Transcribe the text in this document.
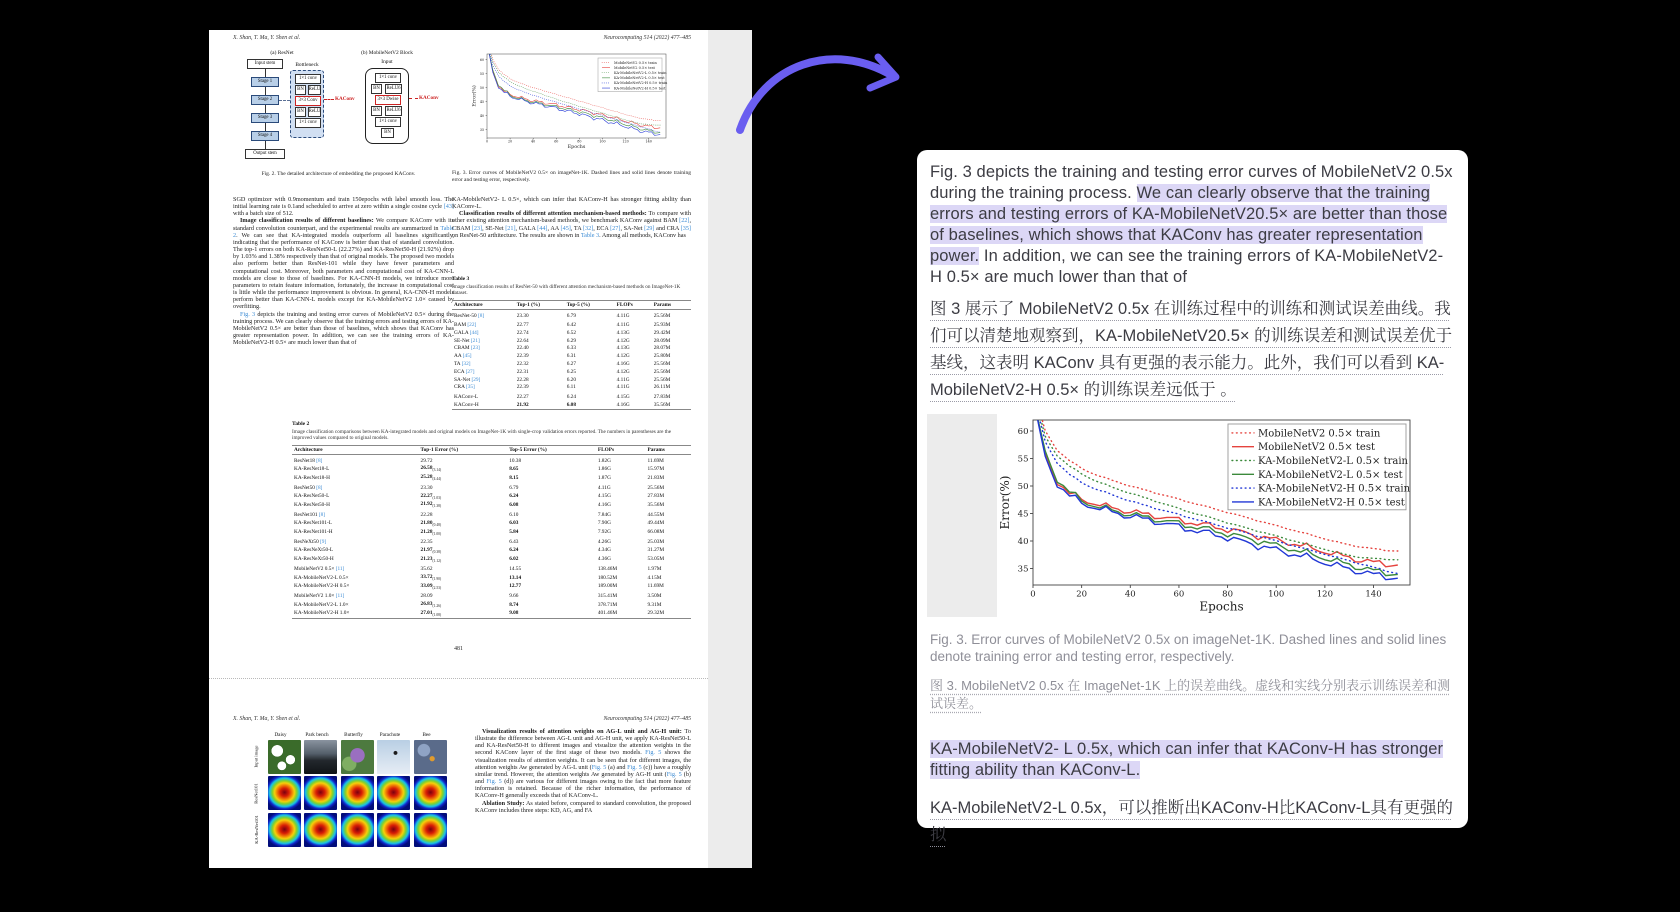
X. Shan, T. Ma, Y. Shen et al.	Neurocomputing 514 (2022) 477–485
(a) ResNet
Input stem
Stage 1
Stage 2
Stage 3
Stage 4
Output stem
Bottleneck
1×1 conv
BN	ReLU
3×3 Conv
BN	ReLU
1×1 conv
KAConv
(b) MobileNetV2 Block
Input
1×1 conv
BN	ReLU6
3×3 Dwise
BN	ReLU6
1×1 conv
BN
KAConv
Fig. 2. The detailed architecture of embedding the proposed KAConv.
0	20	40	60	80	100	120	140
35
40
45
50
55
60
Epochs
Error(%)
MobileNetV2 0.5× train
MobileNetV2 0.5× test
KA-MobileNetV2-L 0.5× train
KA-MobileNetV2-L 0.5× test
KA-MobileNetV2-H 0.5× train
KA-MobileNetV2-H 0.5× test
Fig. 3. Error curves of MobileNetV2 0.5× on imageNet-1K. Dashed lines and solid lines denote training error and testing error, respectively.

SGD optimizer with 0.9momentum and train 150epochs with label smooth loss. The initial learning rate is 0.1and scheduled to arrive at zero within a single cosine cycle [43] with a batch size of 512.

Image classification results of different baselines: We compare KAConv with its standard convolution counterpart, and the experimental results are summarized in Table 2. We can see that KA-integrated models outperform all baselines significantly, indicating that the performance of KAConv is better than that of standard convolution. The top-1 errors on both KA-ResNet50-L (22.27%) and KA-ResNet50-H (21.92%) drop by 1.03% and 1.38% respectively than that of original models. The proposed two models also perform better than ResNet-101 while they have fewer parameters and computational cost. Moreover, both parameters and computational cost of KA-CNN-L models are close to those of baselines. For KA-CNN-H models, we introduce more parameters to retain feature information, fortunately, the increase in computational cost is little while the performance improvement is obvious. In general, KA-CNN-H models perform better than KA-CNN-L models except for KA-MobileNetV2 1.0× caused by overfitting.

Fig. 3 depicts the training and testing error curves of MobileNetV2 0.5× during the training process. We can clearly observe that the training errors and testing errors of KA-MobileNetV2 0.5× are better than those of baselines, which shows that KAConv has greater representation power. In addition, we can see the training errors of KA-MobileNetV2-H 0.5× are much lower than that of

KA-MobileNetV2- L 0.5×, which can infer that KAConv-H has stronger fitting ability than KAConv-L.

Classification results of different attention mechanism-based methods: To compare with other existing attention mechanism-based methods, we benchmark KAConv against BAM [22], CBAM [23], SE-Net [21], GALA [44], AA [45], TA [32], ECA [27], SA-Net [29] and CRA [35] on ResNet-50 arthitecture. The results are shown in Table 3. Among all methods, KAConv has

Table 3
Image classification results of ResNet-50 with different attention mechanism-based methods on ImageNet-1K dataset.
Architecture	Top-1 (%)	Top-5 (%)	FLOPs	Params
ResNet-50 [8]	23.30	6.79	4.11G	25.56M
BAM [22]	22.77	6.42	4.11G	25.93M
GALA [44]	22.74	6.52	4.13G	29.42M
SE-Net [21]	22.64	6.29	4.12G	28.09M
CBAM [23]	22.40	6.33	4.13G	28.07M
AA [45]	22.39	6.31	4.12G	25.80M
TA [32]	22.32	6.27	4.16G	25.56M
ECA [27]	22.31	6.25	4.12G	25.56M
SA-Net [29]	22.28	6.20	4.11G	25.56M
CRA [35]	22.39	6.11	4.11G	26.11M
KAConv-L	22.27	6.24	4.15G	27.83M
KAConv-H	21.92	6.08	4.16G	35.56M
Table 2
Image classification comparisons between KA-integrated models and original models on ImageNet-1K with single-crop validation errors reported. The numbers in parentheses are the improved values compared to original models.
Architecture	Top-1 Error (%)	Top-5 Error (%)	FLOPs	Params
ResNet18 [8]	29.72	10.38	1.82G	11.69M
KA-ResNet18-L	$26.58_{(3.14)}$	8.65	1.86G	15.97M
KA-ResNet18-H	$25.28_{(4.44)}$	8.15	1.87G	21.83M
ResNet50 [8]	23.30	6.79	4.11G	25.56M
KA-ResNet50-L	$22.27_{(1.03)}$	6.24	4.15G	27.83M
KA-ResNet50-H	$21.92_{(1.38)}$	6.08	4.16G	35.56M
ResNet101 [8]	22.28	6.10	7.84G	44.55M
KA-ResNet101-L	$21.80_{(0.48)}$	6.03	7.90G	49.44M
KA-ResNet101-H	$21.28_{(1.00)}$	5.84	7.92G	66.08M
ResNeXt50 [9]	22.35	6.43	4.26G	25.03M
KA-ResNeXt50-L	$21.97_{(0.38)}$	6.24	4.34G	31.27M
KA-ResNeXt50-H	$21.23_{(1.12)}$	6.02	4.36G	53.05M
MobileNetV2 0.5× [11]	35.62	14.55	138.46M	1.97M
KA-MobileNetV2-L 0.5×	$33.72_{(1.90)}$	13.14	180.52M	4.15M
KA-MobileNetV2-H 0.5×	$33.09_{(2.53)}$	12.77	189.00M	11.69M
MobileNetV2 1.0× [11]	28.09	9.66	315.41M	3.50M
KA-MobileNetV2-L 1.0×	$26.83_{(1.26)}$	8.74	378.71M	9.31M
KA-MobileNetV2-H 1.0×	$27.01_{(1.08)}$	9.08	401.46M	29.32M
481
X. Shan, T. Ma, Y. Shen et al.	Neurocomputing 514 (2022) 477–485
Daisy	Park bench	Butterfly	Parachute	Bee
Input image
ResNet101
KA-ResNet101

Visualization results of attention weights on AG-L unit and AG-H unit: To illustrate the difference between AG-L unit and AG-H unit, we apply KA-ResNet50-L and KA-ResNet50-H to different images and visualize the attention weights in the second KAConv layer of the first stage of these two models. Fig. 5 shows the visualization results of attention weights. It can be seen that for different images, the attention weights Aw generated by AG-L unit (Fig. 5 (a) and Fig. 5 (c)) have a roughly similar trend. However, the attention weights Aw generated by AG-H unit (Fig. 5 (b) and Fig. 5 (d)) are various for different images owing to the fact that more feature information is retained. Because of the richer information, the performance of KAConv-H generally exceeds that of KAConv-L.

Ablation Study: As stated before, compared to standard convolution, the proposed KAConv includes three steps: KD, AG, and FA

Fig. 3 depicts the training and testing error curves of MobileNetV2 0.5x during the training process. We can clearly observe that the training errors and testing errors of KA-MobileNetV20.5× are better than those of baselines, which shows that KAConv has greater representation power. In addition, we can see the training errors of KA-MobileNetV2-H 0.5× are much lower than that of

图 3 展示了 MobileNetV2 0.5x 在训练过程中的训练和测试误差曲线。我们可以清楚地观察到，KA-MobileNetV20.5× 的训练误差和测试误差优于基线，这表明 KAConv 具有更强的表示能力。此外，我们可以看到 KA-MobileNetV2-H 0.5× 的训练误差远低于 。

0	20	40	60	80	100	120	140
35
40
45
50
55
60
Epochs
Error(%)
MobileNetV2 0.5× train
MobileNetV2 0.5× test
KA-MobileNetV2-L 0.5× train
KA-MobileNetV2-L 0.5× test
KA-MobileNetV2-H 0.5× train
KA-MobileNetV2-H 0.5× test

Fig. 3. Error curves of MobileNetV2 0.5x on imageNet-1K. Dashed lines and solid lines denote training error and testing error, respectively.

图 3. MobileNetV2 0.5x 在 ImageNet-1K 上的误差曲线。虚线和实线分别表示训练误差和测试误差。

KA-MobileNetV2- L 0.5x, which can infer that KAConv-H has stronger fitting ability than KAConv-L.

KA-MobileNetV2-L 0.5x，可以推断出KAConv-H比KAConv-L具有更强的拟
